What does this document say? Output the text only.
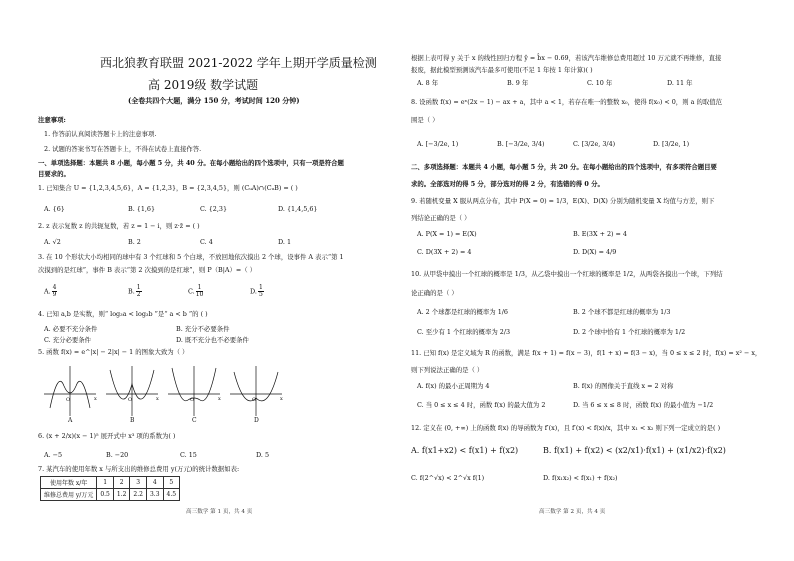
西北狼教育联盟 2021-2022 学年上期开学质量检测
高 2019级 数学试题
(全卷共四个大题，满分 150 分，考试时间 120 分钟)
注意事项:
1. 作答前认真阅读答题卡上的注意事项.
2. 试题的答案书写在答题卡上，不得在试卷上直接作答.
一、单项选择题：本题共 8 小题，每小题 5 分，共 40 分。在每小题给出的四个选项中，只有一项是符合题
目要求的。
1. 已知集合 U = {1,2,3,4,5,6}，A = {1,2,3}，B = {2,3,4,5}，则 (CᵤA)∩(CᵤB) = ( )
A. {6}	B. {1,6}	C. {2,3}	D. {1,4,5,6}
2. z 表示复数 z 的共轭复数，若 z = 1 − i，则 z·z̄ = ( )
A. √2	B. 2	C. 4	D. 1
3. 在 10 个形状大小均相同的球中有 3 个红球和 5 个白球，不放回地依次摸出 2 个球，设事件 A 表示“第 1
次摸到的是红球”，事件 B 表示“第 2 次摸到的是红球”，则 P（B|A）=（ ）
A. $\frac{4}{9}$	B. $\frac{1}{2}$	C. $\frac{1}{10}$	D. $\frac{1}{5}$
4. 已知 a,b 是实数，则“ log₃a < log₃b ”是“ a < b ”的 ( )
A. 必要不充分条件	B. 充分不必要条件
C. 充分必要条件	D. 既不充分也不必要条件
5. 函数 f(x) = e^|x| − 2|x| − 1 的图象大致为（ ）
O	O	O	O
x	x	x	x
A	B	C	D
6. (x + 2/x)(x − 1)⁵ 展开式中 x³ 项的系数为( )
A. −5	B. −20	C. 15	D. 5
7. 某汽车的使用年数 x 与所支出的维修总费用 y(万元)的统计数据如表:
使用年数 x/年	1	2	3	4	5
维修总费用 y/万元	0.5	1.2	2.2	3.3	4.5
高三数学 第 1 页，共 4 页
根据上表可得 y 关于 x 的线性回归方程 ŷ = b̂x − 0.69，若该汽车维修总费用超过 10 万元就不再维修，直接
报废，据此模型预测该汽车最多可使用(不足 1 年按 1 年计算)( )
A. 8 年	B. 9 年	C. 10 年	D. 11 年
8. 设函数 f(x) = eˣ(2x − 1) − ax + a，其中 a < 1，若存在唯一的整数 x₀，使得 f(x₀) < 0，则 a 的取值范
围是（ ）
A. [−3/2e, 1)	B. [−3/2e, 3/4)	C. [3/2e, 3/4)	D. [3/2e, 1)
二、多项选择题：本题共 4 小题，每小题 5 分，共 20 分。在每小题给出的四个选项中，有多项符合题目要
求的。全部选对的得 5 分，部分选对的得 2 分，有选错的得 0 分。
9. 若随机变量 X 服从两点分布，其中 P(X = 0) = 1/3，E(X)、D(X) 分别为随机变量 X 均值与方差，则下
列结论正确的是（ ）
A. P(X = 1) = E(X)	B. E(3X + 2) = 4
C. D(3X + 2) = 4	D. D(X) = 4/9
10. 从甲袋中摸出一个红球的概率是 1/3，从乙袋中摸出一个红球的概率是 1/2，从两袋各摸出一个球，下列结
论正确的是（ ）
A. 2 个球都是红球的概率为 1/6	B. 2 个球不都是红球的概率为 1/3
C. 至少有 1 个红球的概率为 2/3	D. 2 个球中恰有 1 个红球的概率为 1/2
11. 已知 f(x) 是定义域为 R 的函数，满足 f(x + 1) = f(x − 3)，f(1 + x) = f(3 − x)，当 0 ≤ x ≤ 2 时，f(x) = x² − x，
则下列说法正确的是（ ）
A. f(x) 的最小正周期为 4	B. f(x) 的图像关于直线 x = 2 对称
C. 当 0 ≤ x ≤ 4 时，函数 f(x) 的最大值为 2	D. 当 6 ≤ x ≤ 8 时，函数 f(x) 的最小值为 −1/2
12. 定义在 (0, +∞) 上的函数 f(x) 的导函数为 f′(x)，且 f′(x) < f(x)/x，其中 x₁ < x₂ 则下列一定成立的是( )
A. f(x1+x2) < f(x1) + f(x2)	B. f(x1) + f(x2) < (x2/x1)·f(x1) + (x1/x2)·f(x2)
C. f(2^√x) < 2^√x f(1)	D. f(x₁x₂) < f(x₁) + f(x₂)
高三数学 第 2 页，共 4 页
